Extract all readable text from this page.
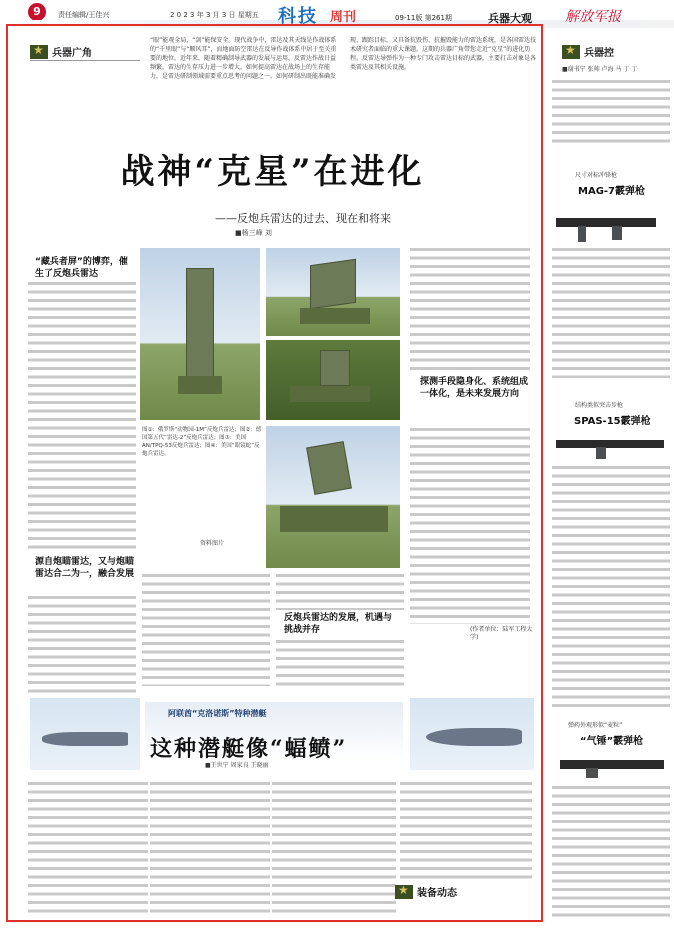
9	责任编辑/王佳兴	2 0 2 3 年 3 月 3 日 星期五 科技 周刊	09-11版 第261期	兵器大观 解放军报
★
兵器广角
“眼”能观全局，“剑”能保安全。现代战争中，雷达及其天线是作战体系的“千里眼”与“顺风耳”，而地面防空雷达在反导作战体系中居于至关重要的地位。近年来，随着精确制导武器的发展与运用，反雷达作战日益频繁，雷达的生存压力进一步增大。如何提高雷达在战场上的生存能力，是雷达研制领域需要重点思考的问题之一。如何研制出既能准确发现、跟踪目标，又具备抗毁伤、抗摧毁能力的雷达系统，是各国雷达技术研究者面临的重大课题。这期的兵器广角带您走近“克星”的进化历程。反雷达导弹作为一种专门攻击雷达目标的武器，主要打击对象是各类雷达及其相关设施。
战神“克星”在进化
——反炮兵雷达的过去、现在和将来
■杨三峰 刘
“藏兵者屏”的博弈，催生了反炮兵雷达
源自炮瞄雷达，又与炮瞄雷达合二为一，融合发展
图①：俄罗斯“动物园-1M”反炮兵雷达；图②：德国第五代“雷达-2”反炮兵雷达；图③：美国AN/TPQ-53反炮兵雷达；图④：美国“眼镜蛇”反炮兵雷达。
资料图片
探测手段隐身化、系统组成一体化，是未来发展方向
(作者单位：陆军工程大学)
反炮兵雷达的发展，机遇与挑战并存
阿联酋“克洛诺斯”特种潜艇
这种潜艇像“蝠鲼”
■王世宁 周家良 王晓丽
★
装备动态
★
兵器控
■谢书宁 张帅 卢海 马 丁 丁
尺寸对标冲锋枪
MAG-7霰弹枪
结构类似突击步枪
SPAS-15霰弹枪
弹药外观形似“麦粒”
“气锤”霰弹枪
